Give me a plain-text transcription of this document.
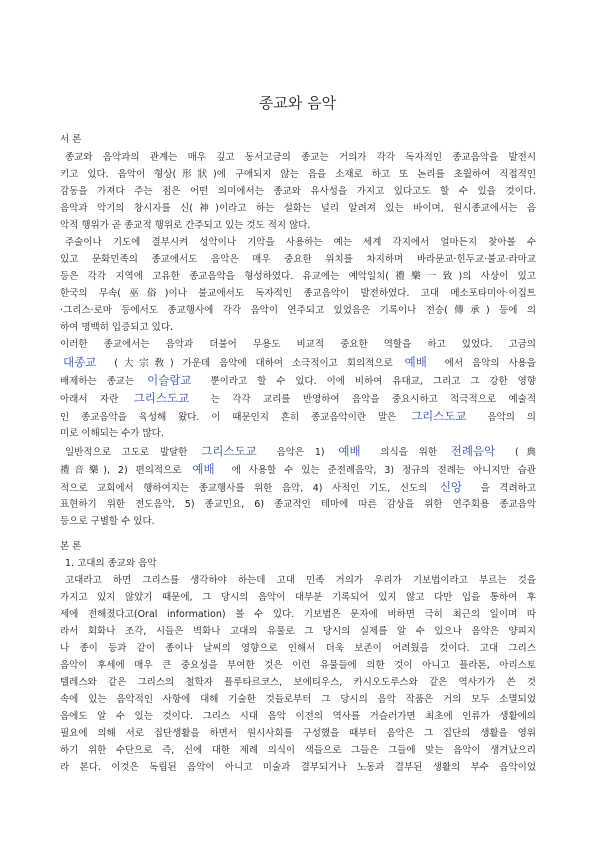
종교와 음악
서 론
종교와 음악과의 관계는 매우 깊고 동서고금의 종교는 거의가 각각 독자적인 종교음악을 발전시
키고 있다. 음악이 형상(形狀)에 구애되지 않는 음을 소재로 하고 또 논리를 초월하여 직접적인
감동을 가져다 주는 점은 어떤 의미에서는 종교와 유사성을 가지고 있다고도 할 수 있을 것이다.
음악과 악기의 창시자를 신(神)이라고 하는 설화는 널리 알려져 있는 바이며, 원시종교에서는 음
악적 행위가 곧 종교적 행위로 간주되고 있는 것도 적지 않다.
주술이나 기도에 결부시켜 성악이나 기악을 사용하는 예는 세계 각지에서 얼마든지 찾아볼 수
있고 문화민족의 종교에서도 음악은 매우 중요한 위치를 차지하며 바라문교·힌두교·불교·라마교
등은 각각 지역에 고유한 종교음악을 형성하였다. 유교에는 예악일치(禮樂一致)의 사상이 있고
한국의 무속(巫俗)이나 불교에서도 독자적인 종교음악이 발전하였다. 고대 메소포타미아·이집트
·그리스·로마 등에서도 종교행사에 각각 음악이 연주되고 있었음은 기록이나 전승(傳承) 등에 의
하여 명백히 입증되고 있다.
이러한 종교에서는 음악과 더불어 무용도 비교적 중요한 역할을 하고 있었다. 고금의
대종교 (大宗敎) 가운데 음악에 대하여 소극적이고 회의적으로 예배 에서 음악의 사용을
배제하는 종교는 이슬람교 뿐이라고 할 수 있다. 이에 비하여 유대교, 그리고 그 강한 영향
아래서 자란 그리스도교 는 각각 교리를 반영하여 음악을 중요시하고 적극적으로 예술적
인 종교음악을 육성해 왔다. 이 때문인지 흔히 종교음악이란 말은 그리스도교 음악의 의
미로 이해되는 수가 많다.
일반적으로 고도로 발달한 그리스도교 음악은 1) 예배 의식을 위한 전례음악 (典
禮音樂), 2) 편의적으로 예배 에 사용할 수 있는 준전례음악, 3) 정규의 전례는 아니지만 습관
적으로 교회에서 행하여지는 종교행사를 위한 음악, 4) 사적인 기도, 신도의 신앙 을 격려하고
표현하기 위한 전도음악, 5) 종교민요, 6) 종교적인 테마에 따른 감상을 위한 연주회용 종교음악
등으로 구별할 수 있다.
본 론
1. 고대의 종교와 음악
고대라고 하면 그리스를 생각하야 하는데 고대 민족 거의가 우리가 기보법이라고 부르는 것을
가지고 있지 않았기 때문에, 그 당시의 음악이 대부분 기록되어 있지 않고 다만 입을 통하여 후
세에 전해졌다고(Oral information) 볼 수 있다. 기보법은 문자에 비하면 극히 최근의 일이며 따
라서 회화나 조각, 시들은 벽화나 고대의 유물로 그 당시의 실제를 알 수 있으나 음악은 양피지
나 종이 등과 같이 종이나 날씨의 영향으로 인해서 더욱 보존이 어려웠을 것이다. 고대 그리스
음악이 후세에 매우 큰 중요성을 부여한 것은 이런 유물들에 의한 것이 아니고 플라톤, 아리스토
텔레스와 같은 그리스의 철학자 플루타르코스, 보에티우스, 카시오도루스와 같은 역사가가 쓴 것
속에 있는 음악적인 사항에 대해 기술한 것들로부터 그 당시의 음악 작품은 거의 모두 소멸되었
음에도 알 수 있는 것이다. 그리스 시대 음악 이전의 역사를 거슬러가면 최초에 인류가 생활에의
필요에 의해 서로 집단생활을 하면서 원시사회를 구성했을 때부터 음악은 그 집단의 생활을 영위
하기 위한 수단으로 즉, 신에 대한 제례 의식이 색들으로 그들은 그들에 맞는 음악이 생겨났으리
라 본다. 이것은 독립된 음악이 아니고 미술과 결부되거나 노동과 결부된 생활의 부수 음악이었
